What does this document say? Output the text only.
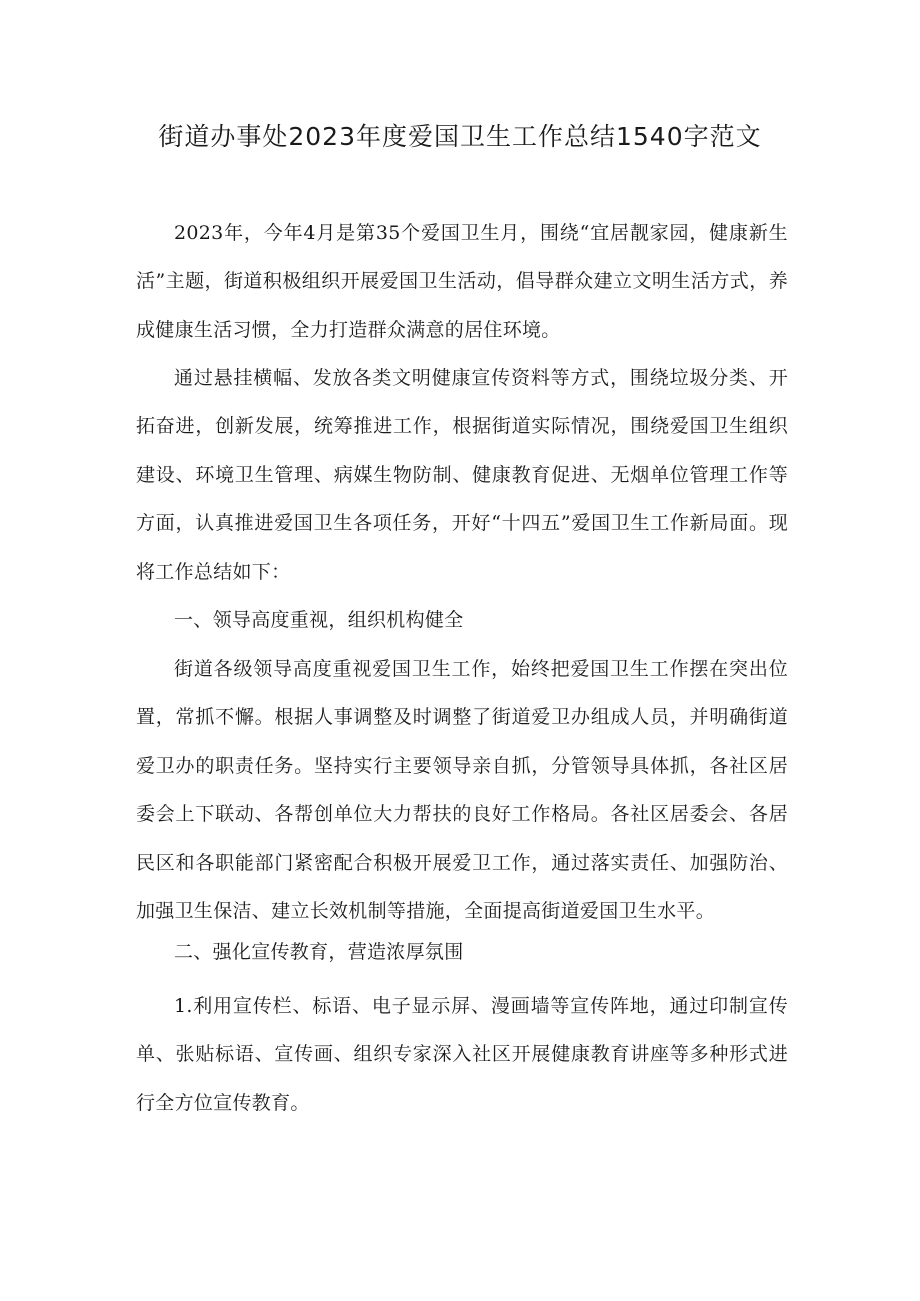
街道办事处2023年度爱国卫生工作总结1540字范文

2023年，今年4月是第35个爱国卫生月，围绕“宜居靓家园，健康新生活”主题，街道积极组织开展爱国卫生活动，倡导群众建立文明生活方式，养成健康生活习惯，全力打造群众满意的居住环境。

通过悬挂横幅、发放各类文明健康宣传资料等方式，围绕垃圾分类、开拓奋进，创新发展，统筹推进工作，根据街道实际情况，围绕爱国卫生组织建设、环境卫生管理、病媒生物防制、健康教育促进、无烟单位管理工作等方面，认真推进爱国卫生各项任务，开好“十四五”爱国卫生工作新局面。现将工作总结如下：

一、领导高度重视，组织机构健全

街道各级领导高度重视爱国卫生工作，始终把爱国卫生工作摆在突出位置，常抓不懈。根据人事调整及时调整了街道爱卫办组成人员，并明确街道爱卫办的职责任务。坚持实行主要领导亲自抓，分管领导具体抓，各社区居委会上下联动、各帮创单位大力帮扶的良好工作格局。各社区居委会、各居民区和各职能部门紧密配合积极开展爱卫工作，通过落实责任、加强防治、加强卫生保洁、建立长效机制等措施，全面提高街道爱国卫生水平。

二、强化宣传教育，营造浓厚氛围

1.利用宣传栏、标语、电子显示屏、漫画墙等宣传阵地，通过印制宣传单、张贴标语、宣传画、组织专家深入社区开展健康教育讲座等多种形式进行全方位宣传教育。
